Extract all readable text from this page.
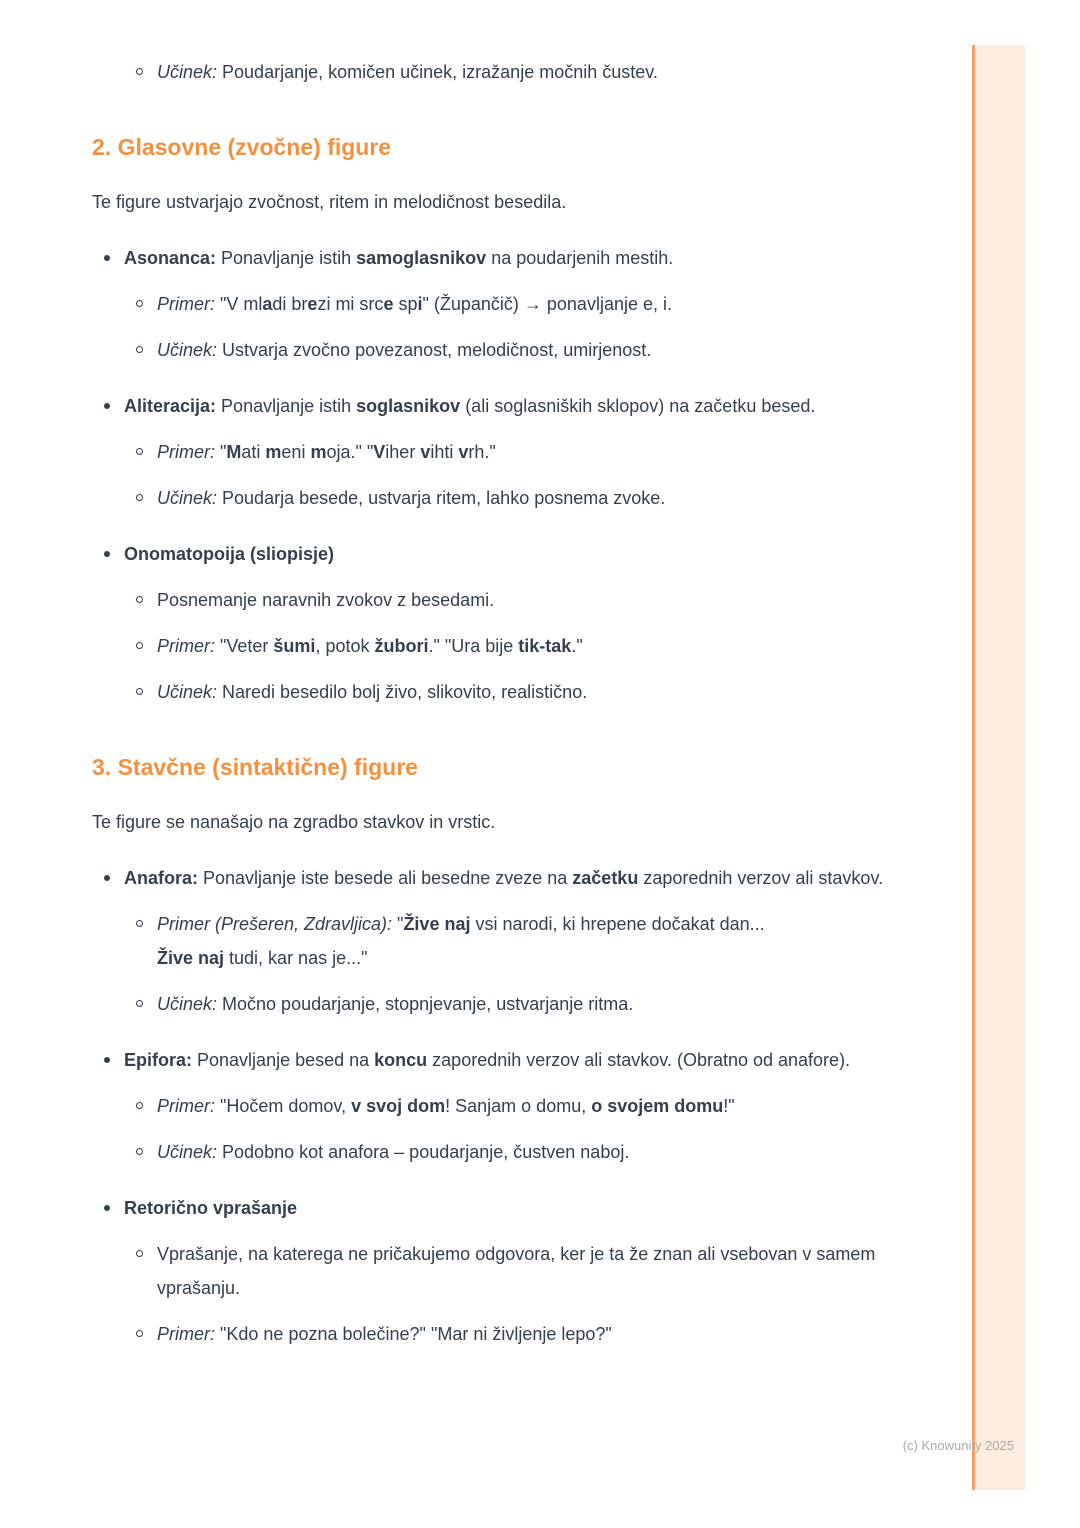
Učinek: Poudarjanje, komičen učinek, izražanje močnih čustev.
2. Glasovne (zvočne) figure
Te figure ustvarjajo zvočnost, ritem in melodičnost besedila.
Asonanca: Ponavljanje istih samoglasnikov na poudarjenih mestih.
Primer: "V mladi brezi mi srce spi" (Župančič) → ponavljanje e, i.
Učinek: Ustvarja zvočno povezanost, melodičnost, umirjenost.
Aliteracija: Ponavljanje istih soglasnikov (ali soglasniških sklopov) na začetku besed.
Primer: "Mati meni moja." "Viher vihti vrh."
Učinek: Poudarja besede, ustvarja ritem, lahko posnema zvoke.
Onomatopoija (sliopisje)
Posnemanje naravnih zvokov z besedami.
Primer: "Veter šumi, potok žubori." "Ura bije tik-tak."
Učinek: Naredi besedilo bolj živo, slikovito, realistično.
3. Stavčne (sintaktične) figure
Te figure se nanašajo na zgradbo stavkov in vrstic.
Anafora: Ponavljanje iste besede ali besedne zveze na začetku zaporednih verzov ali stavkov.
Primer (Prešeren, Zdravljica): "Žive naj vsi narodi, ki hrepene dočakat dan...
Žive naj tudi, kar nas je..."
Učinek: Močno poudarjanje, stopnjevanje, ustvarjanje ritma.
Epifora: Ponavljanje besed na koncu zaporednih verzov ali stavkov. (Obratno od anafore).
Primer: "Hočem domov, v svoj dom! Sanjam o domu, o svojem domu!"
Učinek: Podobno kot anafora – poudarjanje, čustven naboj.
Retorično vprašanje
Vprašanje, na katerega ne pričakujemo odgovora, ker je ta že znan ali vsebovan v samem vprašanju.
Primer: "Kdo ne pozna bolečine?" "Mar ni življenje lepo?"
(c) Knowunity 2025
